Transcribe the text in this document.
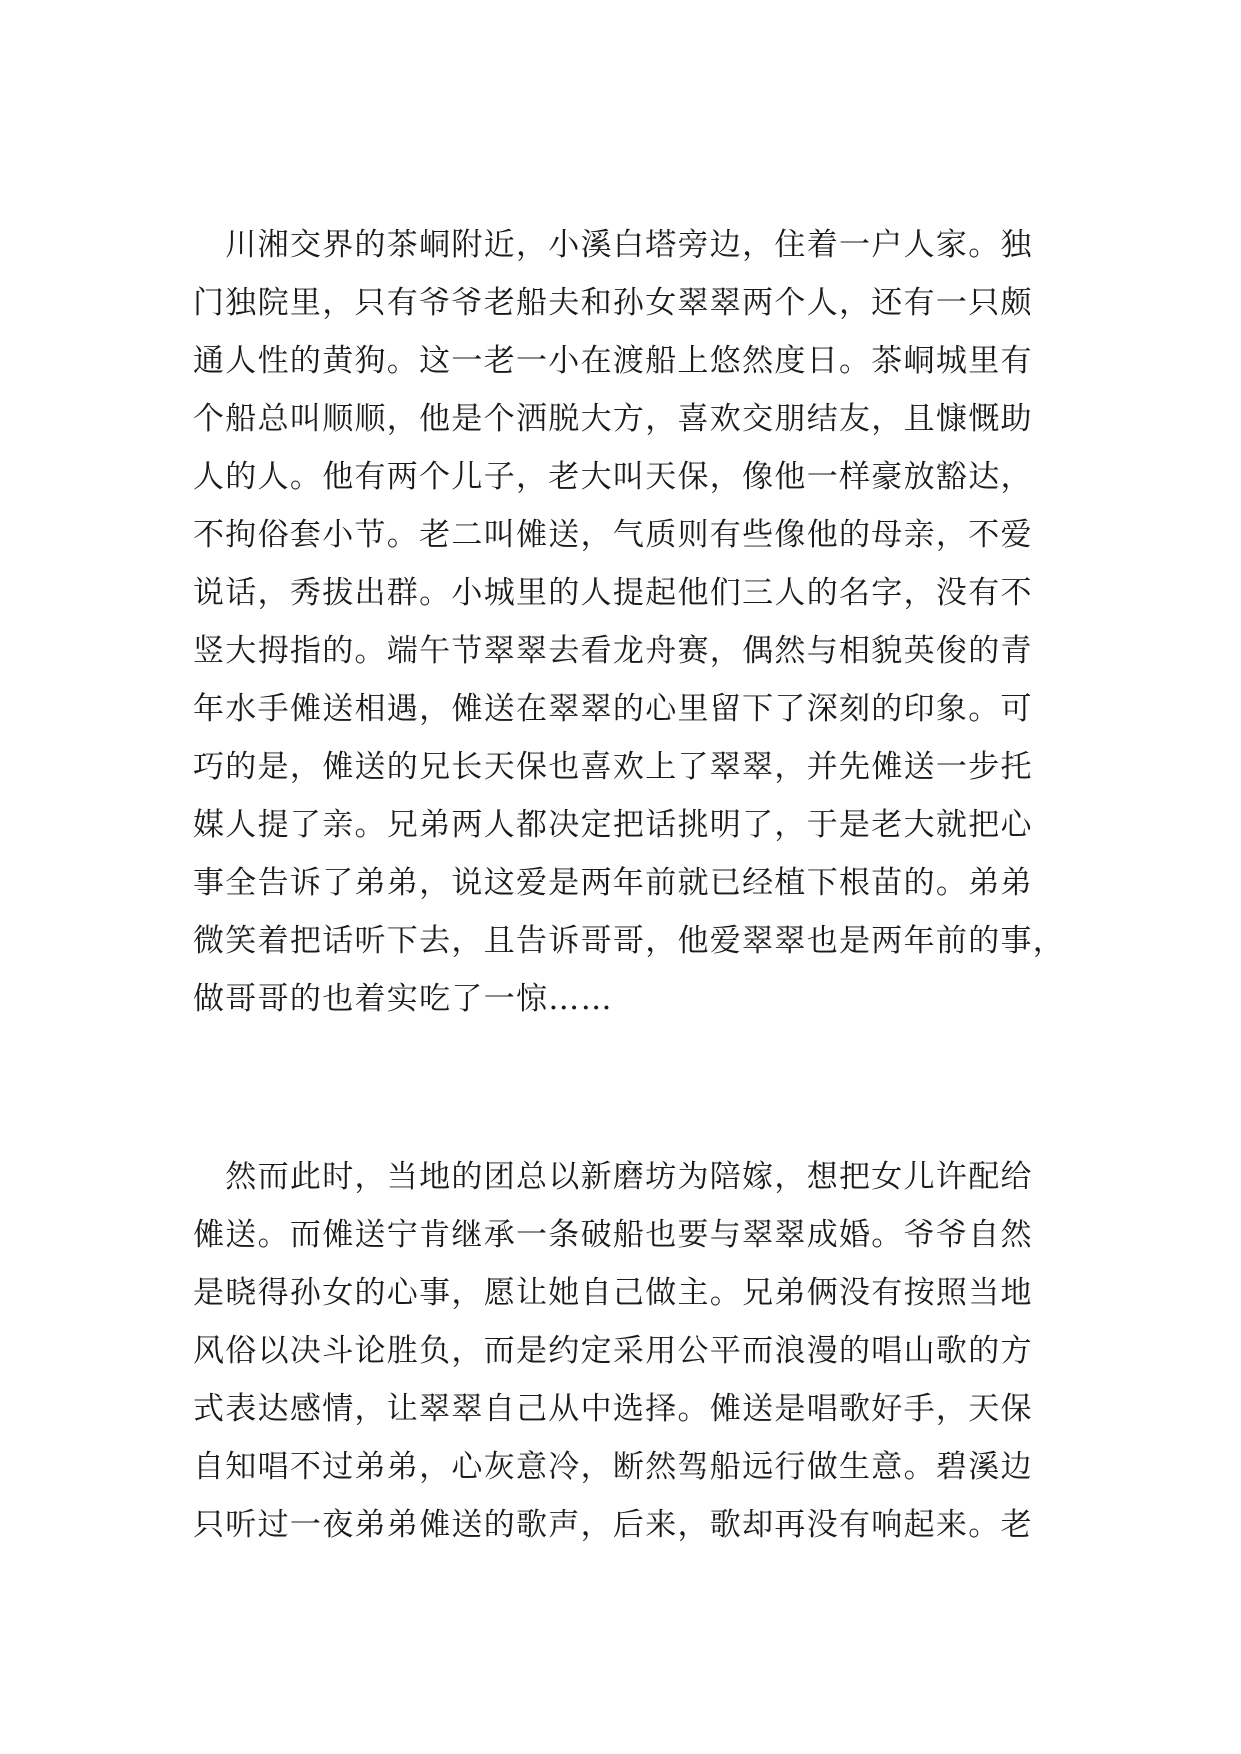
　川湘交界的茶峒附近，小溪白塔旁边，住着一户人家。独
门独院里，只有爷爷老船夫和孙女翠翠两个人，还有一只颇
通人性的黄狗。这一老一小在渡船上悠然度日。茶峒城里有
个船总叫顺顺，他是个洒脱大方，喜欢交朋结友，且慷慨助
人的人。他有两个儿子，老大叫天保，像他一样豪放豁达，
不拘俗套小节。老二叫傩送，气质则有些像他的母亲，不爱
说话，秀拔出群。小城里的人提起他们三人的名字，没有不
竖大拇指的。端午节翠翠去看龙舟赛，偶然与相貌英俊的青
年水手傩送相遇，傩送在翠翠的心里留下了深刻的印象。可
巧的是，傩送的兄长天保也喜欢上了翠翠，并先傩送一步托
媒人提了亲。兄弟两人都决定把话挑明了，于是老大就把心
事全告诉了弟弟，说这爱是两年前就已经植下根苗的。弟弟
微笑着把话听下去，且告诉哥哥，他爱翠翠也是两年前的事，
做哥哥的也着实吃了一惊……
　然而此时，当地的团总以新磨坊为陪嫁，想把女儿许配给
傩送。而傩送宁肯继承一条破船也要与翠翠成婚。爷爷自然
是晓得孙女的心事，愿让她自己做主。兄弟俩没有按照当地
风俗以决斗论胜负，而是约定采用公平而浪漫的唱山歌的方
式表达感情，让翠翠自己从中选择。傩送是唱歌好手，天保
自知唱不过弟弟，心灰意冷，断然驾船远行做生意。碧溪边
只听过一夜弟弟傩送的歌声，后来，歌却再没有响起来。老
